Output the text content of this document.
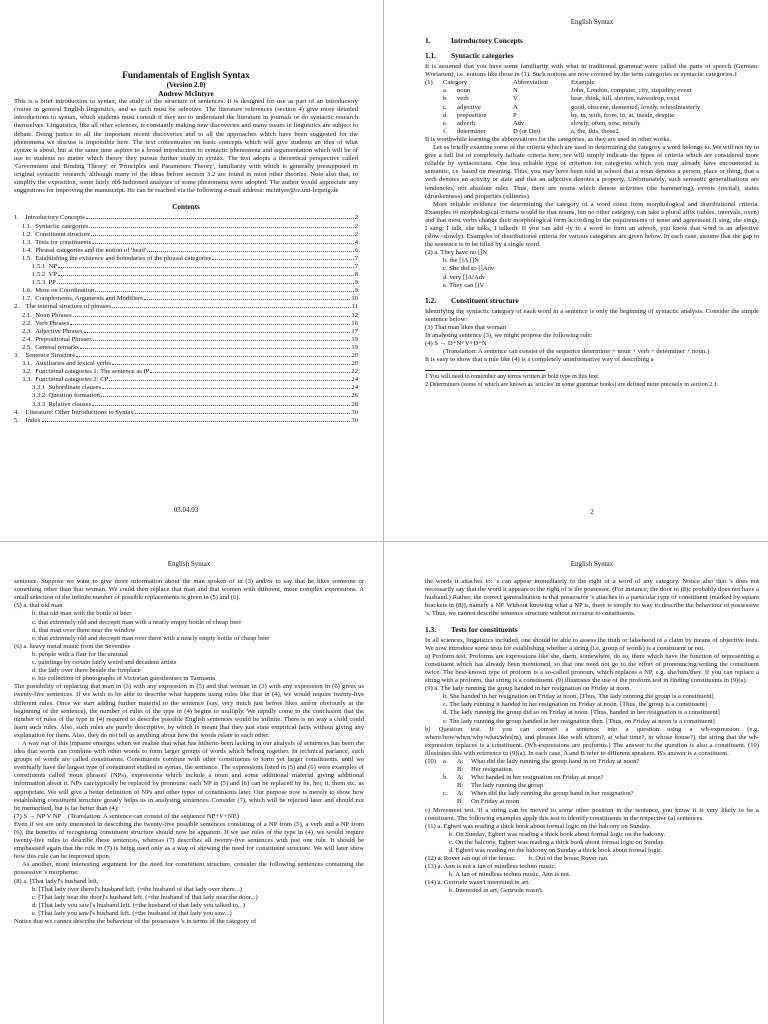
Fundamentals of English Syntax
(Version 2.0)
Andrew McIntyre

This is a brief introduction to syntax, the study of the structure of sentences. It is designed for use as part of an introductory course in general English linguistics, and as such must be selective. The literature references (section 4) give more detailed introductions to syntax, which students must consult if they are to understand the literature in journals or do syntactic research themselves. Linguistics, like all other sciences, is constantly making new discoveries and many issues in linguistics are subject to debate. Doing justice to all the important recent discoveries and to all the approaches which have been suggested for the phenomena we discuss is impossible here. The text concentrates on basic concepts which will give students an idea of what syntax is about, but at the same time aspires to a broad introduction to syntactic phenomena and argumentation which will be of use to students no matter which theory they pursue further study in syntax. The text adopts a theoretical perspective called 'Government and Binding Theory' or 'Principles and Parameters Theory', familiarity with which is generally presupposed in original syntactic research, although many of the ideas before section 3.2 are found in most other theories. Note also that, to simplify the exposition, some fairly old-fashioned analyses of some phenomena were adopted. The author would appreciate any suggestions for improving the manuscript. He can be reached via the following e-mail address: mcintyre@rz.uni-leipzig.de

Contents
1. Introductory Concepts	2
1.1. Syntactic categories	2
1.2. Constituent structure	2
1.3. Tests for constituents	4
1.4. Phrasal categories and the notion of 'head'	6
1.5. Establishing the existence and boundaries of the phrasal categories	7
1.5.1 NP	7
1.5.2 VP	8
1.5.3 PP	9
1.6. More on Coordination	9
1.7. Complements, Arguments and Modifiers	10
2. The internal structure of phrases	11
2.1. Noun Phrases	12
2.2. Verb Phrases	16
2.3. Adjective Phrases	17
2.4. Prepositional Phrases	19
2.5. General remarks	19
3. Sentence Structure	20
3.1. Auxiliaries and lexical verbs	20
3.2. Functional categories 1: The sentence as IP	22
3.3. Functional categories 2: CP	24
3.3.1 Subordinate clauses	24
3.3.2 Question formation	26
3.3.3 Relative clauses	28
4. Literature: Other Introductions to Syntax	30
5. Index	30
03.04.03
English Syntax
1.	Introductory Concepts
1.1. Syntactic categories

It is assumed that you have some familiarity with what in traditional grammar were called the parts of speech (German: Wortarten), i.e. notions like those in (1). Such notions are now covered by the term categories or syntactic categories.1

(1)	Category	Abbreviation	Example
a.	noun	N	John, London, computer, city, stupidity, event
b.	verb	V	hear, think, kill, shorten, eavesdrop, exist
c.	adjective	A	good, obscene, demented, lovely, schoolmasterly
d.	preposition	P	by, in, with, from, to, at, inside, despite
e.	adverb	Adv	slowly, often, now, mostly
f.	determiner	D (or Det)	a, the, this, those2

It is worthwhile learning the abbreviations for the categories, as they are used in other works.

Let us briefly examine some of the criteria which are used in determining the category a word belongs to. We will not try to give a full list of completely failsafe criteria here; we will simply indicate the types of criteria which are considered more reliable by syntacticians. One less reliable type of criterion for categories which you may already have encountered is semantic, i.e. based on meaning. Thus, you may have been told in school that a noun denotes a person, place or thing, that a verb denotes an activity or state and that an adjective denotes a property. Unfortunately, such semantic generalisations are tendencies, not absolute rules. Thus, there are nouns which denote activities (the hammering), events (recital), states (drunkenness) and properties (silliness).

More reliable evidence for determining the category of a word come from morphological and distributional criteria. Examples of morphological criteria would be that nouns, but no other category, can take a plural affix (tables, intervals, oxen) and that most verbs change their morphological form according to the requirements of tense and agreement (I sing, she sings, I sang; I talk, she talks, I talked). If you can add -ly to a word to form an adverb, you know that word is an adjective (slow>slowly). Examples of distributional criteria for various categories are given below. In each case, assume that the gap in the sentence is to be filled by a single word.

(2) a. They have no []N
b. the []A []N
c. She did so []Adv
d. very []A/Adv
e. They can []V
1.2. Constituent structure

Identifying the syntactic category of each word in a sentence is only the beginning of syntactic analysis. Consider the simple sentence below:

(3) That man likes that woman

In analysing sentence (3), we might propose the following rule:

(4) S → D+N+V+D+N
(Translation: A sentence can consist of the sequence determiner + noun + verb + determiner + noun.)

It is easy to show that a rule like (4) is a completely uninformative way of describing a

1 You will need to remember any terms written in bold type in this text.
2 Determiners (some of which are known as 'articles' in some grammar books) are defined more precisely in section 2.1.
2
English Syntax

sentence. Suppose we want to give more information about the man spoken of in (3) and/or to say that he likes someone or something other than that woman. We could then replace that man and that women with different, more complex expressions. A small selection of the infinite number of possible replacements is given in (5) and (6).

(5) a. that old man
b. that old man with the bottle of beer
c. that extremely old and decrepit man with a nearly empty bottle of cheap beer
d. that man over there near the window
e. that extremely old and decrepit man over there with a nearly empty bottle of cheap beer
(6) a. heavy metal music from the Seventies
b. people with a flair for the unusual
c. paintings by certain fairly weird and decadent artists
d. the lady over there beside the fireplace
e. his collection of photographs of Victorian guesthouses in Tasmania

The possibility of replacing that man in (3) with any expression in (5) and that woman in (3) with any expression in (6) gives us twenty-five sentences. If we wish to be able to describe what happens using rules like that in (4), we would require twenty-five different rules. Once we start adding further material to the sentence (say, very much just before likes and/or obviously at the beginning of the sentence), the number of rules of the type in (4) begins to multiply. We rapidly come to the conclusion that the number of rules of the type in (4) required to describe possible English sentences would be infinite. There is no way a child could learn such rules. Also, such rules are purely descriptive, by which is meant that they just state empirical facts without giving any explanation for them. Also, they do not tell us anything about how the words relate to each other.

A way out of this impasse emerges when we realise that what has hitherto been lacking in our analysis of sentences has been the idea that words can combine with other words to form larger groups of words which belong together. In technical parlance, such groups of words are called constituents. Constituents combine with other constituents to form yet larger constituents, until we eventually have the largest type of constituent studied in syntax, the sentence. The expressions listed in (5) and (6) were examples of constituents called 'noun phrases' (NPs), expressions which include a noun and some additional material giving additional information about it. NPs can typically be replaced by pronouns: each NP in (5) and (6) can be replaced by he, her, it, them etc. as appropriate. We will give a better definition of NPs and other types of constituents later. Our purpose now is merely to show how establishing constituent structure greatly helps us in analysing sentences. Consider (7), which will be rejected later and should not be memorised, but is far better than (4):

(7) S → NP V NP (Translation: A sentence can consist of the sequence NP+V+NP.)

Even if we are only interested in describing the twenty-five possible sentences consisting of a NP from (5), a verb and a NP from (6), the benefits of recognising constituent structure should now be apparent. If we use rules of the type in (4), we would require twenty-five rules to describe these sentences, whereas (7) describes all twenty-five sentences with just one rule. It should be emphasised again that the rule in (7) is being used only as a way of showing the need for constituent structure. We will later show how this rule can be improved upon.

As another, more interesting argument for the need for constituent structure, consider the following sentences containing the possessive 's morpheme:

(8) a. [That lady]'s husband left.
b. [That lady over there]'s husband left. (=the husband of that lady over there...)
c. [That lady near the door]'s husband left. (=the husband of that lady near the door...)
d. [That lady you saw]'s husband left. (=the husband of that lady you talked to...)
e. [That lady you saw]'s husband left. (=the husband of that lady you saw...)

Notice that we cannot describe the behaviour of the possessive 's in terms of the category of

English Syntax

the words it attaches to: 's can appear immediately to the right of a word of any category. Notice also that 's does not necessarily say that the word it appears to the right of is the possessor. (For instance, the door in (8)c probably does not have a husband.) Rather, the correct generalisation is that possessive 's attaches to a particular type of constituent (marked by square brackets in (8)), namely a NP. Without knowing what a NP is, there is simply no way to describe the behaviour of possessive 's. Thus, we cannot describe sentence structure without recourse to constituents.

1.3. Tests for constituents

In all sciences, linguistics included, one should be able to assess the truth or falsehood of a claim by means of objective tests. We now introduce some tests for establishing whether a string (i.e. group of words) is a constituent or not.

a) Proform test. Proforms are expressions like she, them, somewhere, do so, there which have the function of representing a constituent which has already been mentioned, so that one need not go to the effort of pronouncing/writing the constituent twice. The best-known type of proform is a so-called pronoun, which replaces a NP, e.g. she/him/they. If you can replace a string with a proform, that string is a constituent. (9) illustrates the use of the proform test in finding constituents in (9)(a).

(9) a. The lady running the group handed in her resignation on Friday at noon.
b. She handed in her resignation on Friday at noon. [Thus, The lady running the group is a constituent]
c. The lady running it handed in her resignation on Friday at noon. [Thus, the group is a constituent]
d. The lady running the group did so on Friday at noon. [Thus, handed in her resignation is a constituent]
e. The lady running the group handed in her resignation then. [Thus, on Friday at noon is a constituent]

b) Question test. If you can convert a sentence into a question using a wh-expression (e.g. where/how/when/why/what/who(m), and phrases like with whom?, at what time?, in whose house?), the string that the wh-expression replaces is a constituent. (Wh-expressions are proforms.) The answer to the question is also a constituent. (10) illustrates this with reference to (9)(a). In each case, A and B refer to different speakers. B's answer is a constituent.

(10)	a.	A:	What did the lady running the group hand in on Friday at noon?
B:	Her resignation.
b.	A:	Who handed in her resignation on Friday at noon?
B:	The lady running the group
c.	A:	When did the lady running the group hand in her resignation?
B:	On Friday at noon

c) Movement test. If a string can be moved to some other position in the sentence, you know it is very likely to be a constituent. The following examples apply this test to identify constituents in the respective (a) sentences.

(11) a. Egbert was reading a thick book about formal logic on the balcony on Sunday.
b. On Sunday, Egbert was reading a thick book about formal logic on the balcony.
c. On the balcony, Egbert was reading a thick book about formal logic on Sunday.
d. Egbert was reading on the balcony on Sunday a thick book about formal logic.
(12) a. Rover ran out of the house.  b. Out of the house Rover ran.
(13) a. Ann is not a fan of mindless techno music.
b. A fan of mindless techno music, Ann is not.
(14) a. Gertrude wasn't interested in art.
b. Interested in art, Gertrude wasn't.
